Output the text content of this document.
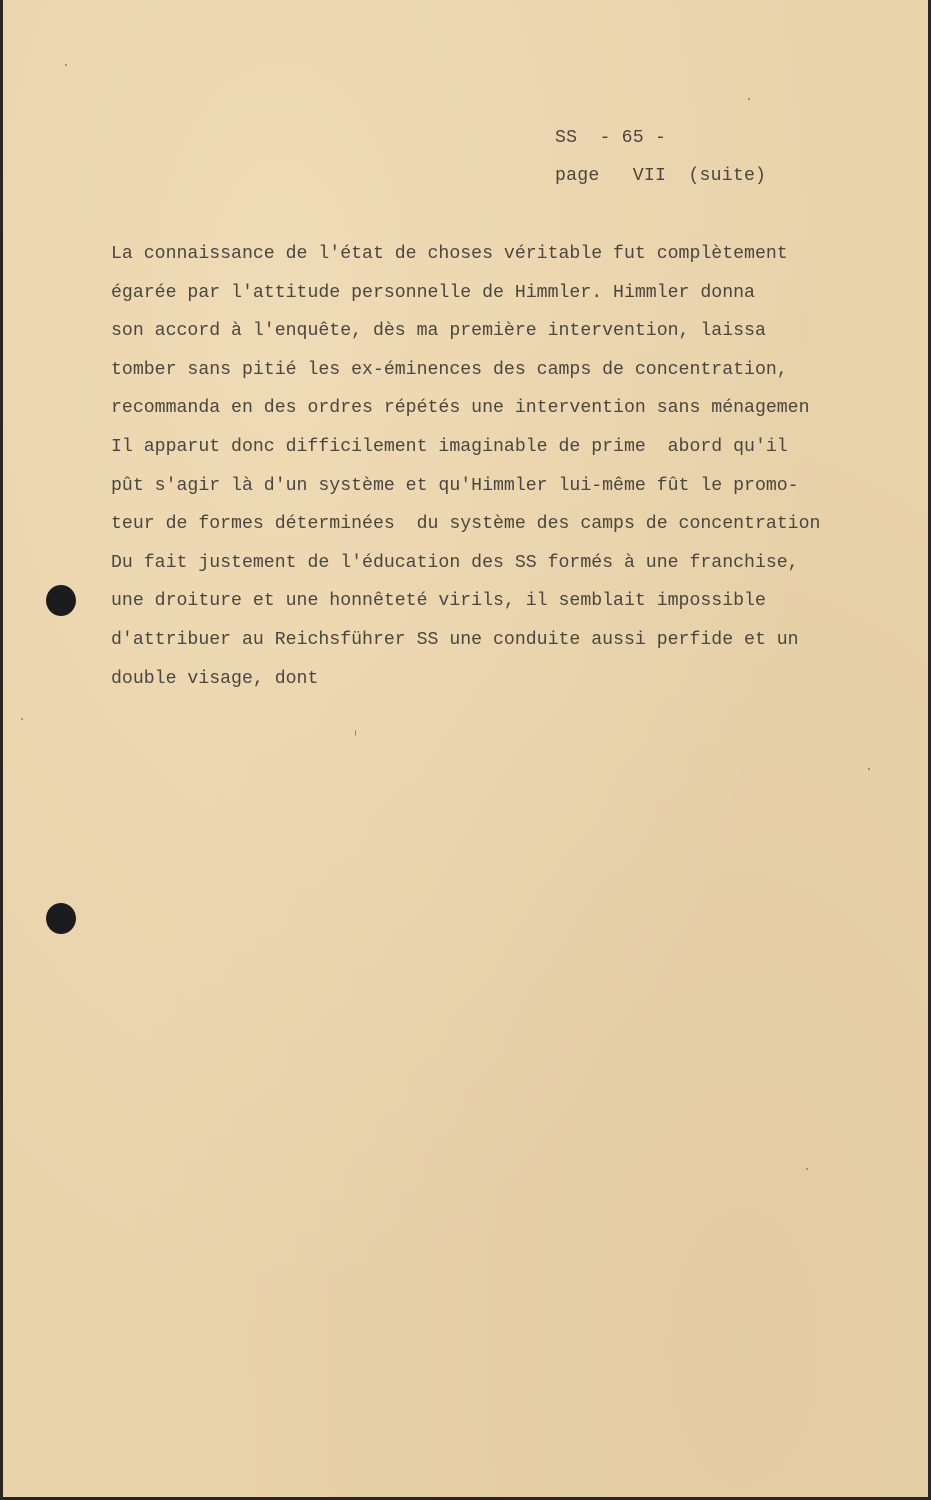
SS  - 65 -
page   VII  (suite)
La connaissance de l'état de choses véritable fut complètement
égarée par l'attitude personnelle de Himmler. Himmler donna
son accord à l'enquête, dès ma première intervention, laissa
tomber sans pitié les ex-éminences des camps de concentration,
recommanda en des ordres répétés une intervention sans ménagemen
Il apparut donc difficilement imaginable de prime  abord qu'il
pût s'agir là d'un système et qu'Himmler lui-même fût le promo-
teur de formes déterminées  du système des camps de concentration
Du fait justement de l'éducation des SS formés à une franchise,
une droiture et une honnêteté virils, il semblait impossible
d'attribuer au Reichsführer SS une conduite aussi perfide et un
double visage, dont
